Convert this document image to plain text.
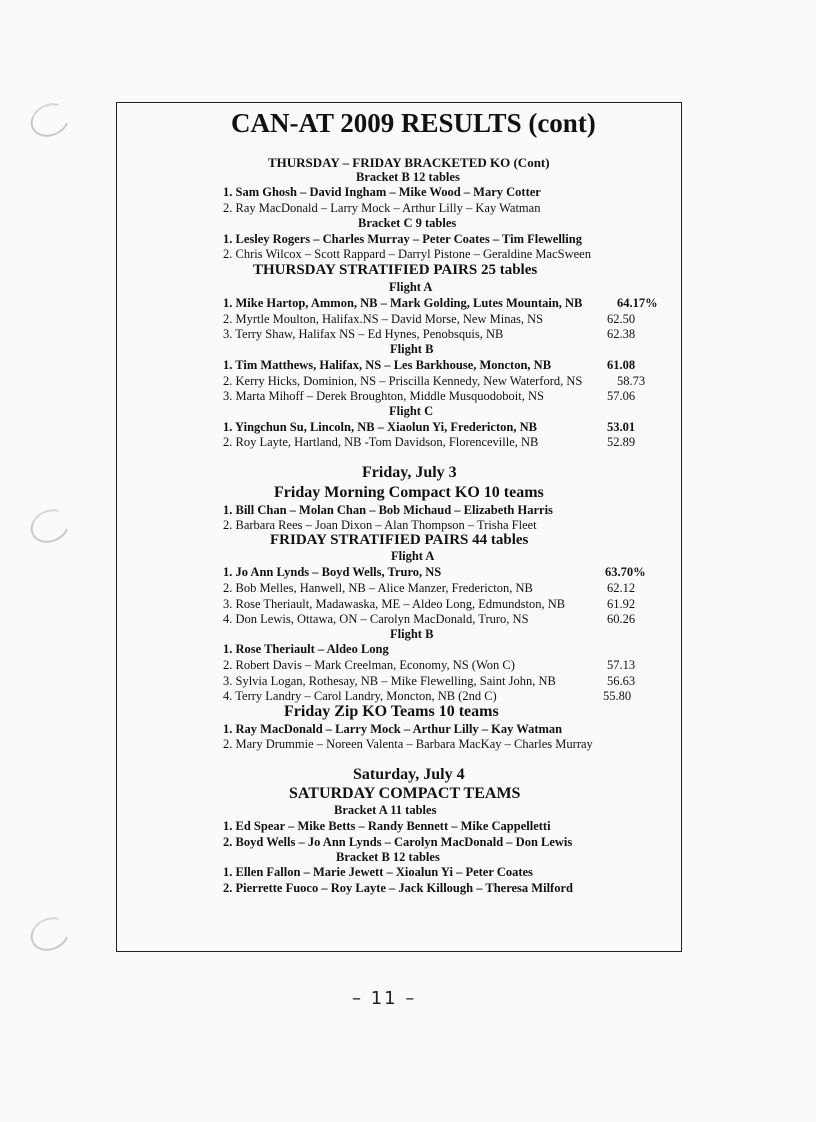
CAN-AT 2009 RESULTS (cont)
THURSDAY – FRIDAY BRACKETED KO (Cont)
Bracket B 12 tables
1. Sam Ghosh – David Ingham – Mike Wood – Mary Cotter
2. Ray MacDonald – Larry Mock – Arthur Lilly – Kay Watman
Bracket C 9 tables
1. Lesley Rogers – Charles Murray – Peter Coates – Tim Flewelling
2. Chris Wilcox – Scott Rappard – Darryl Pistone – Geraldine MacSween
THURSDAY STRATIFIED PAIRS 25 tables
Flight A
1. Mike Hartop, Ammon, NB – Mark Golding, Lutes Mountain, NB	64.17%
2. Myrtle Moulton, Halifax.NS – David Morse, New Minas, NS	62.50
3. Terry Shaw, Halifax NS – Ed Hynes, Penobsquis, NB	62.38
Flight B
1. Tim Matthews, Halifax, NS – Les Barkhouse, Moncton, NB	61.08
2. Kerry Hicks, Dominion, NS – Priscilla Kennedy, New Waterford, NS	58.73
3. Marta Mihoff – Derek Broughton, Middle Musquodoboit, NS	57.06
Flight C
1. Yingchun Su, Lincoln, NB – Xiaolun Yi, Fredericton, NB	53.01
2. Roy Layte, Hartland, NB -Tom Davidson, Florenceville, NB	52.89
Friday, July 3
Friday Morning Compact KO 10 teams
1. Bill Chan – Molan Chan – Bob Michaud – Elizabeth Harris
2. Barbara Rees – Joan Dixon – Alan Thompson – Trisha Fleet
FRIDAY STRATIFIED PAIRS 44 tables
Flight A
1. Jo Ann Lynds – Boyd Wells, Truro, NS	63.70%
2. Bob Melles, Hanwell, NB – Alice Manzer, Fredericton, NB	62.12
3. Rose Theriault, Madawaska, ME – Aldeo Long, Edmundston, NB	61.92
4. Don Lewis, Ottawa, ON – Carolyn MacDonald, Truro, NS	60.26
Flight B
1. Rose Theriault – Aldeo Long
2. Robert Davis – Mark Creelman, Economy, NS (Won C)	57.13
3. Sylvia Logan, Rothesay, NB – Mike Flewelling, Saint John, NB	56.63
4. Terry Landry – Carol Landry, Moncton, NB (2nd C)	55.80
Friday Zip KO Teams 10 teams
1. Ray MacDonald – Larry Mock – Arthur Lilly – Kay Watman
2. Mary Drummie – Noreen Valenta – Barbara MacKay – Charles Murray
Saturday, July 4
SATURDAY COMPACT TEAMS
Bracket A 11 tables
1. Ed Spear – Mike Betts – Randy Bennett – Mike Cappelletti
2. Boyd Wells – Jo Ann Lynds – Carolyn MacDonald – Don Lewis
Bracket B 12 tables
1. Ellen Fallon – Marie Jewett – Xioalun Yi – Peter Coates
2. Pierrette Fuoco – Roy Layte – Jack Killough – Theresa Milford
– 11 –
